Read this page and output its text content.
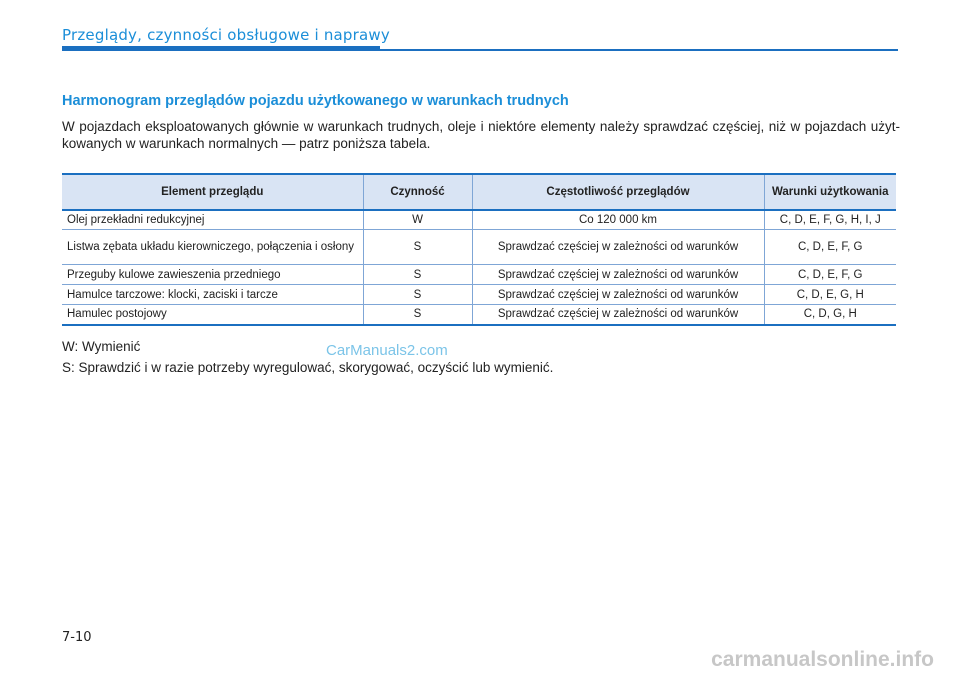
Przeglądy, czynności obsługowe i naprawy
Harmonogram przeglądów pojazdu użytkowanego w warunkach trudnych
W pojazdach eksploatowanych głównie w warunkach trudnych, oleje i niektóre elementy należy sprawdzać częściej, niż w pojazdach użyt-kowanych w warunkach normalnych — patrz poniższa tabela.
Element przeglądu	Czynność	Częstotliwość przeglądów	Warunki użytkowania
Olej przekładni redukcyjnej	W	Co 120 000 km	C, D, E, F, G, H, I, J
Listwa zębata układu kierowniczego, połączenia i osłony	S	Sprawdzać częściej w zależności od warunków	C, D, E, F, G
Przeguby kulowe zawieszenia przedniego	S	Sprawdzać częściej w zależności od warunków	C, D, E, F, G
Hamulce tarczowe: klocki, zaciski i tarcze	S	Sprawdzać częściej w zależności od warunków	C, D, E, G, H
Hamulec postojowy	S	Sprawdzać częściej w zależności od warunków	C, D, G, H
W: Wymienić
S: Sprawdzić i w razie potrzeby wyregulować, skorygować, oczyścić lub wymienić.
CarManuals2.com
7-10
carmanualsonline.info
